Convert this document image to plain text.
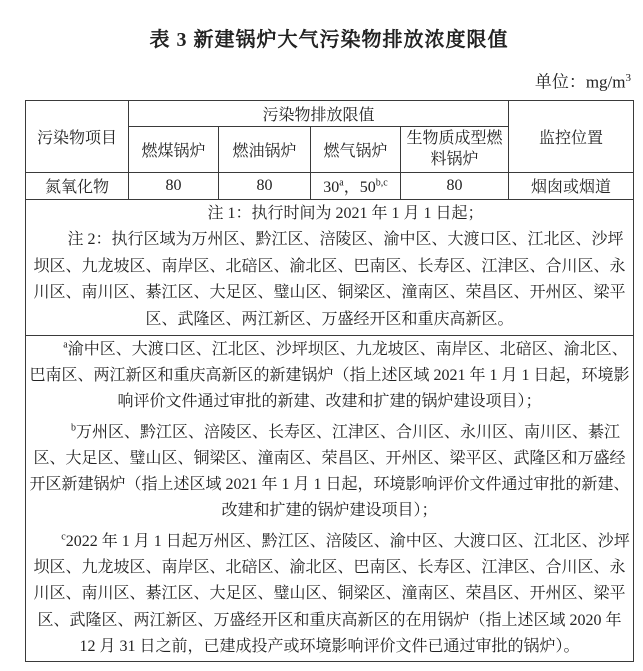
表 3 新建锅炉大气污染物排放浓度限值
单位：$mg/m^3$
污染物项目	污染物排放限值				监控位置
	燃煤锅炉	燃油锅炉	燃气锅炉	生物质成型燃料锅炉	
氮氧化物	80	80	30$^a$，50$^{b,c}$	80	烟囱或烟道

注 1：执行时间为 2021 年 1 月 1 日起；

注 2：执行区域为万州区、黔江区、涪陵区、渝中区、大渡口区、江北区、沙坪坝区、九龙坡区、南岸区、北碚区、渝北区、巴南区、长寿区、江津区、合川区、永川区、南川区、綦江区、大足区、璧山区、铜梁区、潼南区、荣昌区、开州区、梁平区、武隆区、两江新区、万盛经开区和重庆高新区。					

$^a$渝中区、大渡口区、江北区、沙坪坝区、九龙坡区、南岸区、北碚区、渝北区、巴南区、两江新区和重庆高新区的新建锅炉（指上述区域 2021 年 1 月 1 日起，环境影响评价文件通过审批的新建、改建和扩建的锅炉建设项目）；

$^b$万州区、黔江区、涪陵区、长寿区、江津区、合川区、永川区、南川区、綦江区、大足区、璧山区、铜梁区、潼南区、荣昌区、开州区、梁平区、武隆区和万盛经开区新建锅炉（指上述区域 2021 年 1 月 1 日起，环境影响评价文件通过审批的新建、改建和扩建的锅炉建设项目）；

$^c$2022 年 1 月 1 日起万州区、黔江区、涪陵区、渝中区、大渡口区、江北区、沙坪坝区、九龙坡区、南岸区、北碚区、渝北区、巴南区、长寿区、江津区、合川区、永川区、南川区、綦江区、大足区、璧山区、铜梁区、潼南区、荣昌区、开州区、梁平区、武隆区、两江新区、万盛经开区和重庆高新区的在用锅炉（指上述区域 2020 年 12 月 31 日之前，已建成投产或环境影响评价文件已通过审批的锅炉）。					
